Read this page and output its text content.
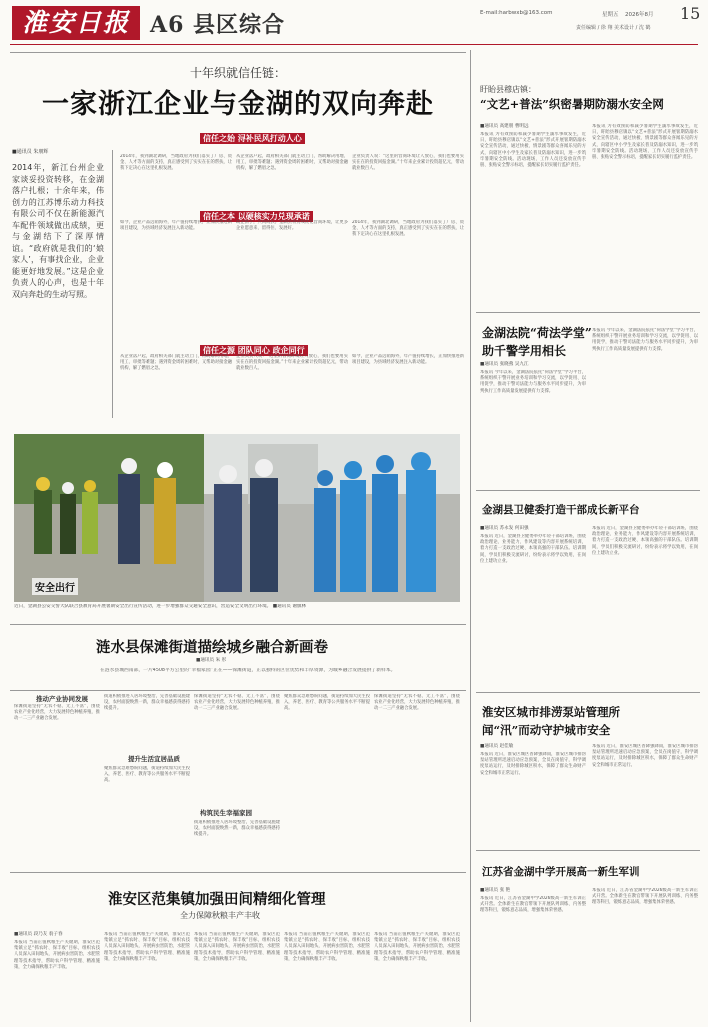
淮安日报 A6 县区综合	E-mail:harbwxb@163.com	星期五 2026年8月 15
责任编辑 / 徐 翔 美术设计 / 沈 鹤
十年织就信任链：
一家浙江企业与金湖的双向奔赴
■通讯员 朱朋辉
2014年，新江台州企业家谈妥投资转移，在金湖落户扎根；十余年来，伟创力的江苏博乐动力科技有限公司不仅在新能源汽车配件领域做出成绩，更与金湖结下了深厚情谊。“政府就是我们的‘娘家人’，有事找企业，企业能更好地发展。”这是企业负责人的心声，也是十年双向奔赴的生动写照。
信任之始 浔补民风打动人心
2014年，我到湖北调研，当地政府为我们落实了厂房、资金、人才等方面的支持，真正感受到了实实在在的帮扶，让我下定决心在这里扎根发展。
从企业落户起，政府相关部门就主动上门，帮助解决用地、用工、审批等难题；遇到资金周转困难时，又帮助对接金融机构，解了燃眉之急。
企业负责人说：“这里的营商环境让人放心，我们也要用实实在在的投资回报金湖。”十年来企业累计投资超亿元，带动就业数百人。
信任之本 以硬核实力兑现承诺
如今，企业产品远销海外，年产值持续增长，正加快推进新项目建设，为县域经济发展注入新动能。
政企携手，共同成长。金湖县将持续优化营商环境，让更多企业愿意来、留得住、发展好。
2014年，我到湖北调研，当地政府为我们落实了厂房、资金、人才等方面的支持，真正感受到了实实在在的帮扶，让我下定决心在这里扎根发展。
信任之源 团队同心 政企同行
从企业落户起，政府相关部门就主动上门，帮助解决用地、用工、审批等难题；遇到资金周转困难时，又帮助对接金融机构，解了燃眉之急。
企业负责人说：“这里的营商环境让人放心，我们也要用实实在在的投资回报金湖。”十年来企业累计投资超亿元，带动就业数百人。
如今，企业产品远销海外，年产值持续增长，正加快推进新项目建设，为县域经济发展注入新动能。
安全出行
近日，金湖县公安交警大队联合县教育局开展暑期安全出行宣传活动，进一步增强群众交通安全意识，营造安全文明出行环境。 ■通讯员 谢旗林
涟水县保滩街道描绘城乡融合新画卷
■通讯员 朱 彤
在涟水县城西南部，一片4508平方公里的“幸福家园”正在——保滩街道，正以独特的区位优势和丰厚资源，为城乡融合发展提供了新样本。
推动产业协同发展
保滩街道坚持“无农不稳、无工不富”，围绕农业产业化经营，大力发展特色种植养殖，推动一二三产业融合发展。
街道积极推进人居环境整治，完善基础设施建设，农村面貌焕然一新，群众幸福感获得感持续提升。
提升生活宜居品质
聚焦群众急难愁盼问题，街道持续加大民生投入，养老、医疗、教育等公共服务水平不断提高。
保滩街道坚持“无农不稳、无工不富”，围绕农业产业化经营，大力发展特色种植养殖，推动一二三产业融合发展。
构筑民生幸福家园
街道积极推进人居环境整治，完善基础设施建设，农村面貌焕然一新，群众幸福感获得感持续提升。
聚焦群众急难愁盼问题，街道持续加大民生投入，养老、医疗、教育等公共服务水平不断提高。
保滩街道坚持“无农不稳、无工不富”，围绕农业产业化经营，大力发展特色种植养殖，推动一二三产业融合发展。
淮安区范集镇加强田间精细化管理
全力保障秋粮丰产丰收
■通讯员 段乃友 翁子春
本报讯 当前正值秋粮生产关键期，淮安区范集镇立足“抓农时、保丰收”目标，组织农技人员深入田间地头，开展病虫害防治、水肥管理等技术指导，帮助农户科学管理、精准施策，全力确保秋粮丰产丰收。
本报讯 当前正值秋粮生产关键期，淮安区范集镇立足“抓农时、保丰收”目标，组织农技人员深入田间地头，开展病虫害防治、水肥管理等技术指导，帮助农户科学管理、精准施策，全力确保秋粮丰产丰收。
本报讯 当前正值秋粮生产关键期，淮安区范集镇立足“抓农时、保丰收”目标，组织农技人员深入田间地头，开展病虫害防治、水肥管理等技术指导，帮助农户科学管理、精准施策，全力确保秋粮丰产丰收。
本报讯 当前正值秋粮生产关键期，淮安区范集镇立足“抓农时、保丰收”目标，组织农技人员深入田间地头，开展病虫害防治、水肥管理等技术指导，帮助农户科学管理、精准施策，全力确保秋粮丰产丰收。
本报讯 当前正值秋粮生产关键期，淮安区范集镇立足“抓农时、保丰收”目标，组织农技人员深入田间地头，开展病虫害防治、水肥管理等技术指导，帮助农户科学管理、精准施策，全力确保秋粮丰产丰收。
盱眙县穆店镇：
“文艺+普法”织密暑期防溺水安全网
■通讯员 高建朋 曹明远
本报讯 为有效预防和减少暑期学生溺水事故发生，近日，盱眙县穆店镇以“文艺+普法”形式开展暑期防溺水安全宣传活动，通过快板、情景剧等群众喜闻乐见的方式，向辖区中小学生及家长普及防溺水知识，进一步筑牢暑期安全防线。活动现场，工作人员还发放宣传手册、张贴安全警示标语，提醒家长切实履行监护责任。
本报讯 为有效预防和减少暑期学生溺水事故发生，近日，盱眙县穆店镇以“文艺+普法”形式开展暑期防溺水安全宣传活动，通过快板、情景剧等群众喜闻乐见的方式，向辖区中小学生及家长普及防溺水知识，进一步筑牢暑期安全防线。活动现场，工作人员还发放宣传手册、张贴安全警示标语，提醒家长切实履行监护责任。
金湖法院“荷法学堂”
助千警学用相长
■通讯员 张晓燕 吴九江
本报讯 今年以来，金湖法院依托“荷法学堂”学习平台，系统组织干警开展业务培训和学习交流，以学促用、以用促学，推动干警司法能力与服务水平同步提升，为审判执行工作高质量发展提供有力支撑。
本报讯 今年以来，金湖法院依托“荷法学堂”学习平台，系统组织干警开展业务培训和学习交流，以学促用、以用促学，推动干警司法能力与服务水平同步提升，为审判执行工作高质量发展提供有力支撑。
金湖县卫健委打造干部成长新平台
■通讯员 苏永发 何田强
本报讯 近日，金湖县卫健委举办年轻干部培训班，围绕政治理论、业务能力、作风建设等内容开展系统培训，着力打造一支政治过硬、本领高强的干部队伍。培训期间，学员们积极交流研讨，纷纷表示将学以致用，在岗位上建功立业。
本报讯 近日，金湖县卫健委举办年轻干部培训班，围绕政治理论、业务能力、作风建设等内容开展系统培训，着力打造一支政治过硬、本领高强的干部队伍。培训期间，学员们积极交流研讨，纷纷表示将学以致用，在岗位上建功立业。
淮安区城市排涝泵站管理所
闻“汛”而动守护城市安全
■通讯员 赵佳敏
本报讯 近日，淮安区城区普降强降雨，淮安区城市排涝泵站管理所迅速启动应急预案，全员在岗值守，科学调度泵站运行，及时排除城区积水，保障了群众生命财产安全和城市正常运行。
本报讯 近日，淮安区城区普降强降雨，淮安区城市排涝泵站管理所迅速启动应急预案，全员在岗值守，科学调度泵站运行，及时排除城区积水，保障了群众生命财产安全和城市正常运行。
江苏省金湖中学开展高一新生军训
■通讯员 张 艳
本报讯 近日，江苏省金湖中学2026级高一新生军训正式开营。全体新生在教官带领下开展队列训练、内务整理等科目，锻炼意志品质，增强集体荣誉感。
本报讯 近日，江苏省金湖中学2026级高一新生军训正式开营。全体新生在教官带领下开展队列训练、内务整理等科目，锻炼意志品质，增强集体荣誉感。
